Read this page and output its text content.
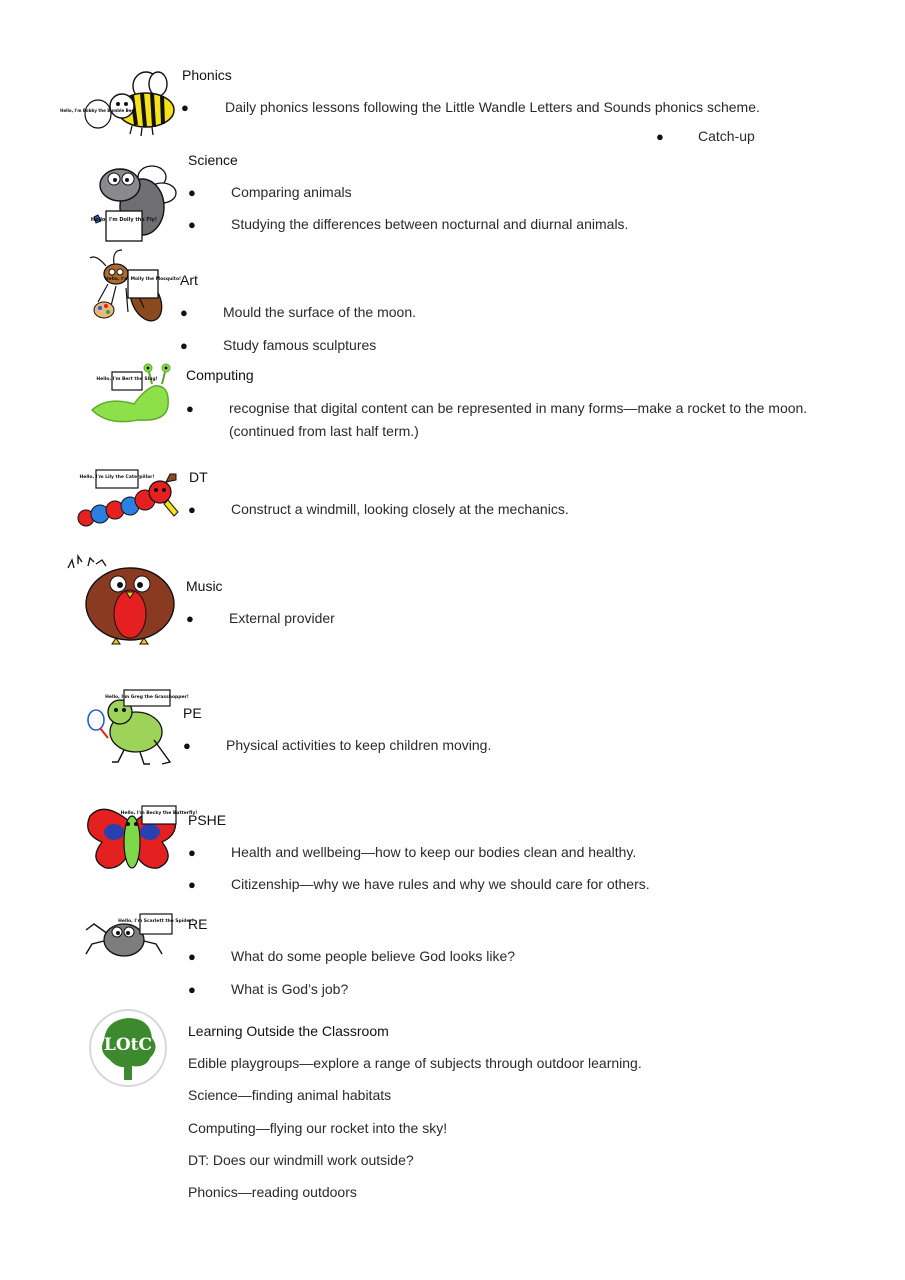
Hello, I'm Bobby the Bumble Bee!
Phonics
●	Daily phonics lessons following the Little Wandle Letters and Sounds phonics scheme.
● Catch-up
Hello, I'm Dolly the Fly!
Science
●	Comparing animals
●	Studying the differences between nocturnal and diurnal animals.
Hello, I'm Molly the Mosquito!
Art
●	Mould the surface of the moon.
●	Study famous sculptures
Hello, I'm Bert the Slug! Computing
●	recognise that digital content can be represented in many forms—make a rocket to the moon. (continued from last half term.)
Hello, I'm Lily the Caterpillar! DT
●	Construct a windmill, looking closely at the mechanics.
Music
●	External provider
Hello, I'm Greg the Grasshopper!
PE
●	Physical activities to keep children moving.
Hello, I'm Becky the Butterfly!
PSHE
●	Health and wellbeing—how to keep our bodies clean and healthy.
●	Citizenship—why we have rules and why we should care for others.
Hello, I'm Scarlett the Spider!
RE
●	What do some people believe God looks like?
●	What is God’s job?
LOtC
Learning Outside the Classroom
Edible playgroups—explore a range of subjects through outdoor learning.
Science—finding animal habitats
Computing—flying our rocket into the sky!
DT: Does our windmill work outside?
Phonics—reading outdoors
